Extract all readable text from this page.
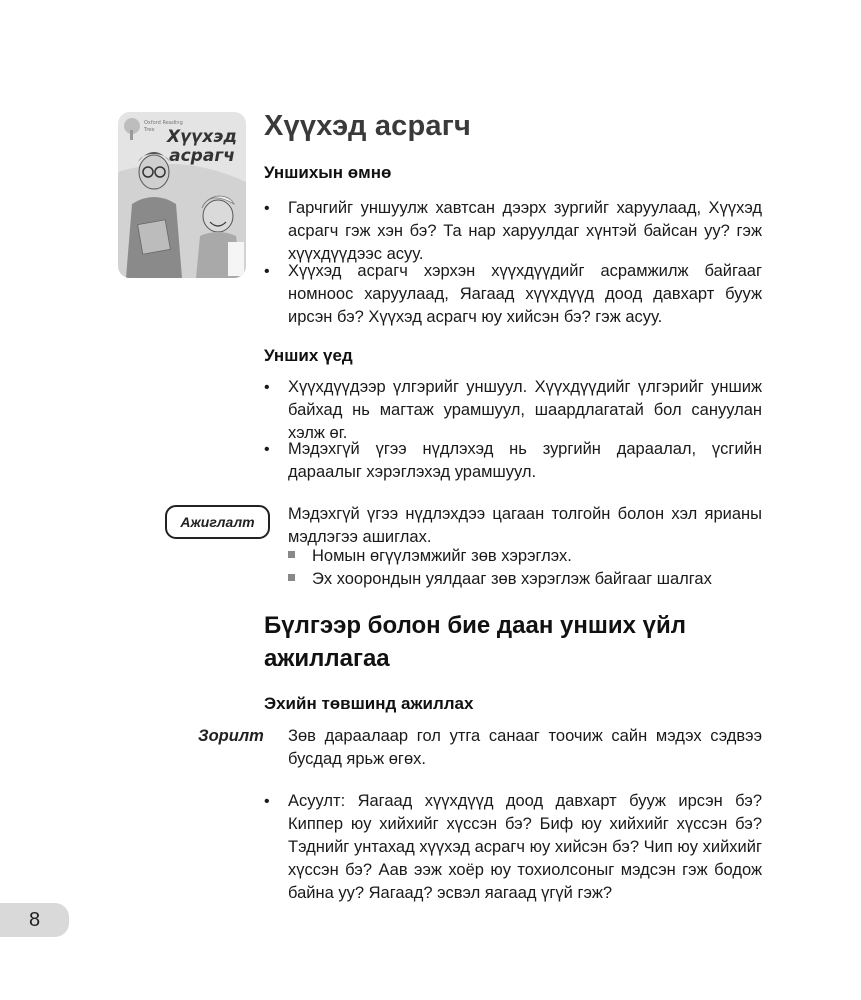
Oxford Reading
Tree Хүүхэд
асрагч
Хүүхэд асрагч
Уншихын өмнө
• Гарчгийг уншуулж хавтсан дээрх зургийг харуулаад, Хүүхэд асрагч гэж хэн бэ? Та нар харуулдаг хүнтэй байсан уу? гэж хүүхдүүдээс асуу.
• Хүүхэд асрагч хэрхэн хүүхдүүдийг асрамжилж байгааг номноос харуулаад, Яагаад хүүхдүүд доод давхарт бууж ирсэн бэ? Хүүхэд асрагч юу хийсэн бэ? гэж асуу.
Унших үед
• Хүүхдүүдээр үлгэрийг уншуул. Хүүхдүүдийг үлгэрийг уншиж байхад нь магтаж урамшуул, шаардлагатай бол сануулан хэлж өг.
• Мэдэхгүй үгээ нүдлэхэд нь зургийн дараалал, үсгийн дараалыг хэрэглэхэд урамшуул.
Ажиглалт Мэдэхгүй үгээ нүдлэхдээ цагаан толгойн болон хэл ярианы мэдлэгээ ашиглах.
Номын өгүүлэмжийг зөв хэрэглэх.
Эх хоорондын уялдааг зөв хэрэглэж байгааг шалгах
Бүлгээр болон бие даан унших үйл
ажиллагаа
Эхийн төвшинд ажиллах
Зорилт Зөв дараалаар гол утга санааг тоочиж сайн мэдэх сэдвээ бусдад ярьж өгөх.
• Асуулт: Яагаад хүүхдүүд доод давхарт бууж ирсэн бэ? Киппер юу хийхийг хүссэн бэ? Биф юу хийхийг хүссэн бэ? Тэднийг унтахад хүүхэд асрагч юу хийсэн бэ? Чип юу хийхийг хүссэн бэ? Аав ээж хоёр юу тохиолсоныг мэдсэн гэж бодож байна уу? Яагаад? эсвэл яагаад үгүй гэж?
8
